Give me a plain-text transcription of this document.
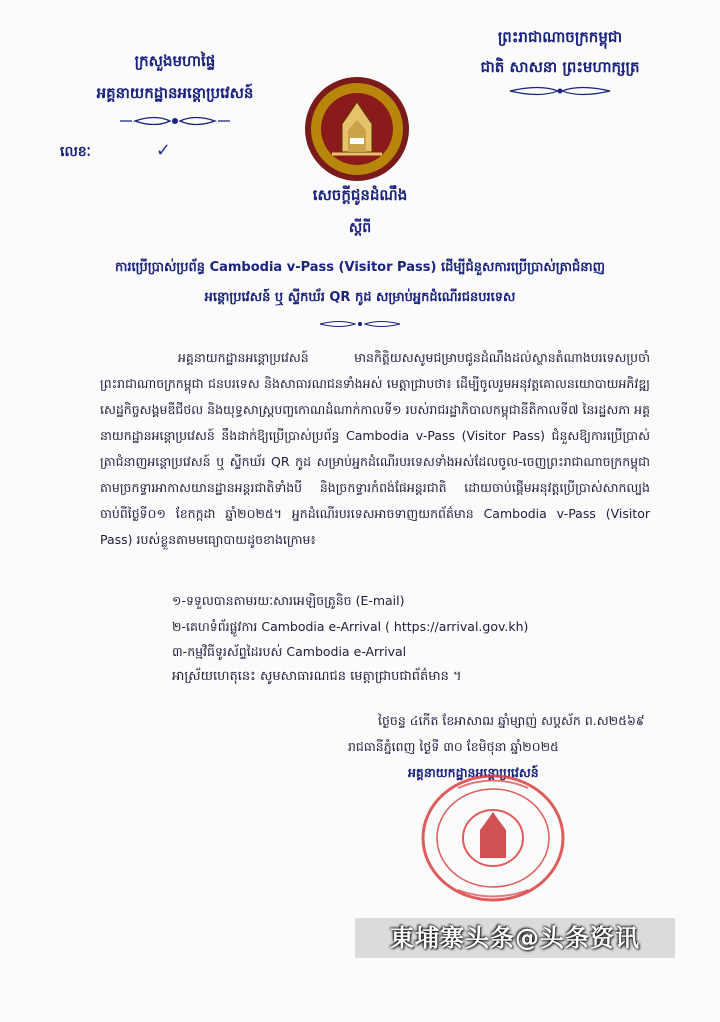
ក្រសួងមហាផ្ទៃ
អគ្គនាយកដ្ឋានអន្តោប្រវេសន៍
លេខៈ	✓
ព្រះរាជាណាចក្រកម្ពុជា
ជាតិ សាសនា ព្រះមហាក្សត្រ
សេចក្តីជូនដំណឹង
ស្តីពី
ការប្រើប្រាស់ប្រព័ន្ធ Cambodia v-Pass (Visitor Pass) ដើម្បីជំនួសការប្រើប្រាស់ត្រាជំនាញ
អន្តោប្រវេសន៍ ឬ ស្ទីកឃ័រ QR កូដ សម្រាប់អ្នកដំណើរជនបរទេស
អគ្គនាយកដ្ឋានអន្តោប្រវេសន៍ មានកិត្តិយសសូមជម្រាបជូនដំណឹងដល់ស្ថានតំណាងបរទេសប្រចាំព្រះរាជាណាចក្រកម្ពុជា ជនបរទេស និងសាធារណជនទាំងអស់ មេត្តាជ្រាបថា៖ ដើម្បីចូលរួមអនុវត្តគោលនយោបាយអភិវឌ្ឍសេដ្ឋកិច្ចសង្គមឌីជីថល និងយុទ្ធសាស្ត្របញ្ចកោណដំណាក់កាលទី១ របស់រាជរដ្ឋាភិបាលកម្ពុជានីតិកាលទី៧ នៃរដ្ឋសភា អគ្គនាយកដ្ឋានអន្តោប្រវេសន៍ នឹងដាក់ឱ្យប្រើប្រាស់ប្រព័ន្ធ Cambodia v-Pass (Visitor Pass) ជំនួសឱ្យការប្រើប្រាស់ត្រាជំនាញអន្តោប្រវេសន៍ ឬ ស្ទីកឃ័រ QR កូដ សម្រាប់អ្នកដំណើរបរទេសទាំងអស់ដែលចូល-ចេញព្រះរាជាណាចក្រកម្ពុជា តាមច្រកទ្វារអាកាសយានដ្ឋានអន្តរជាតិទាំងបី និងច្រកទ្វារកំពង់ផែអន្តរជាតិ ដោយចាប់ផ្តើមអនុវត្តប្រើប្រាស់សាកល្បងចាប់ពីថ្ងៃទី០១ ខែកក្កដា ឆ្នាំ២០២៥។ អ្នកដំណើរបរទេសអាចទាញយកព័ត៌មាន Cambodia v-Pass (Visitor Pass) របស់ខ្លួនតាមមធ្យោបាយដូចខាងក្រោម៖
១-ទទួលបានតាមរយៈសារអេឡិចត្រូនិច (E-mail)
២-គេហទំព័រផ្លូវការ Cambodia e-Arrival ( https://arrival.gov.kh)
៣-កម្មវិធីទូរស័ព្ទដៃរបស់ Cambodia e-Arrival
អាស្រ័យហេតុនេះ សូមសាធារណជន មេត្តាជ្រាបជាព័ត៌មាន ។
ថ្ងៃចន្ទ ៤កើត ខែអាសាឍ ឆ្នាំម្សាញ់ សប្តស័ក ព.ស២៥៦៩
រាជធានីភ្នំពេញ ថ្ងៃទី ៣០ ខែមិថុនា ឆ្នាំ២០២៥
អគ្គនាយកដ្ឋានអន្តោប្រវេសន៍
東埔寨头条@头条资讯
